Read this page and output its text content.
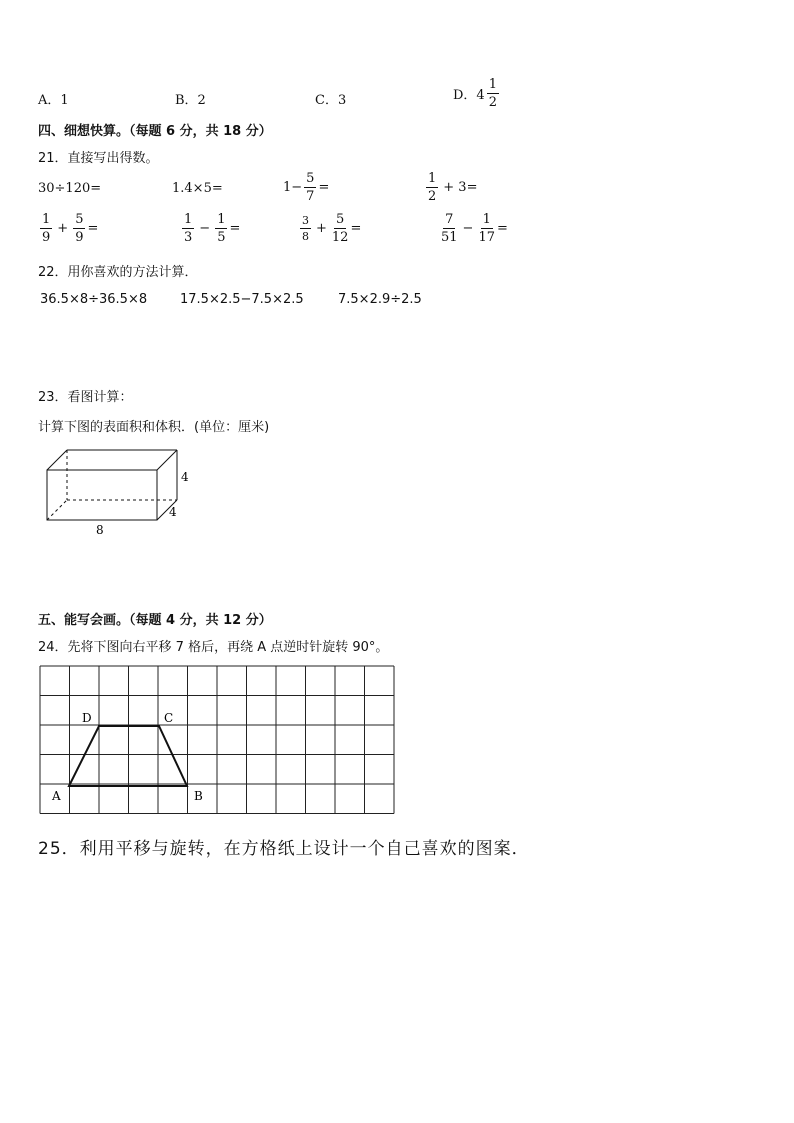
A．1	B．2	C．3	D．$4 \frac{1}{2}$
四、细想快算。（每题 6 分，共 18 分）
21．直接写出得数。
30÷120=	1.4×5=	$1- \frac{5}{7}$ =	$\frac{1}{2} + 3=$
$\frac{1}{9} + \frac{5}{9}$ =	$\frac{1}{3} - \frac{1}{5}$ =	$\frac{3}{8} + \frac{5}{12}$ =	$\frac{7}{51} - \frac{1}{17}$ =
22．用你喜欢的方法计算．
36.5×8÷36.5×8	17.5×2.5−7.5×2.5	7.5×2.9÷2.5
23．看图计算：
计算下图的表面积和体积．(单位：厘米)
4
4
8
五、能写会画。（每题 4 分，共 12 分）
24．先将下图向右平移 7 格后，再绕 A 点逆时针旋转 90°。
A	B
C
D
25．利用平移与旋转，在方格纸上设计一个自己喜欢的图案．
